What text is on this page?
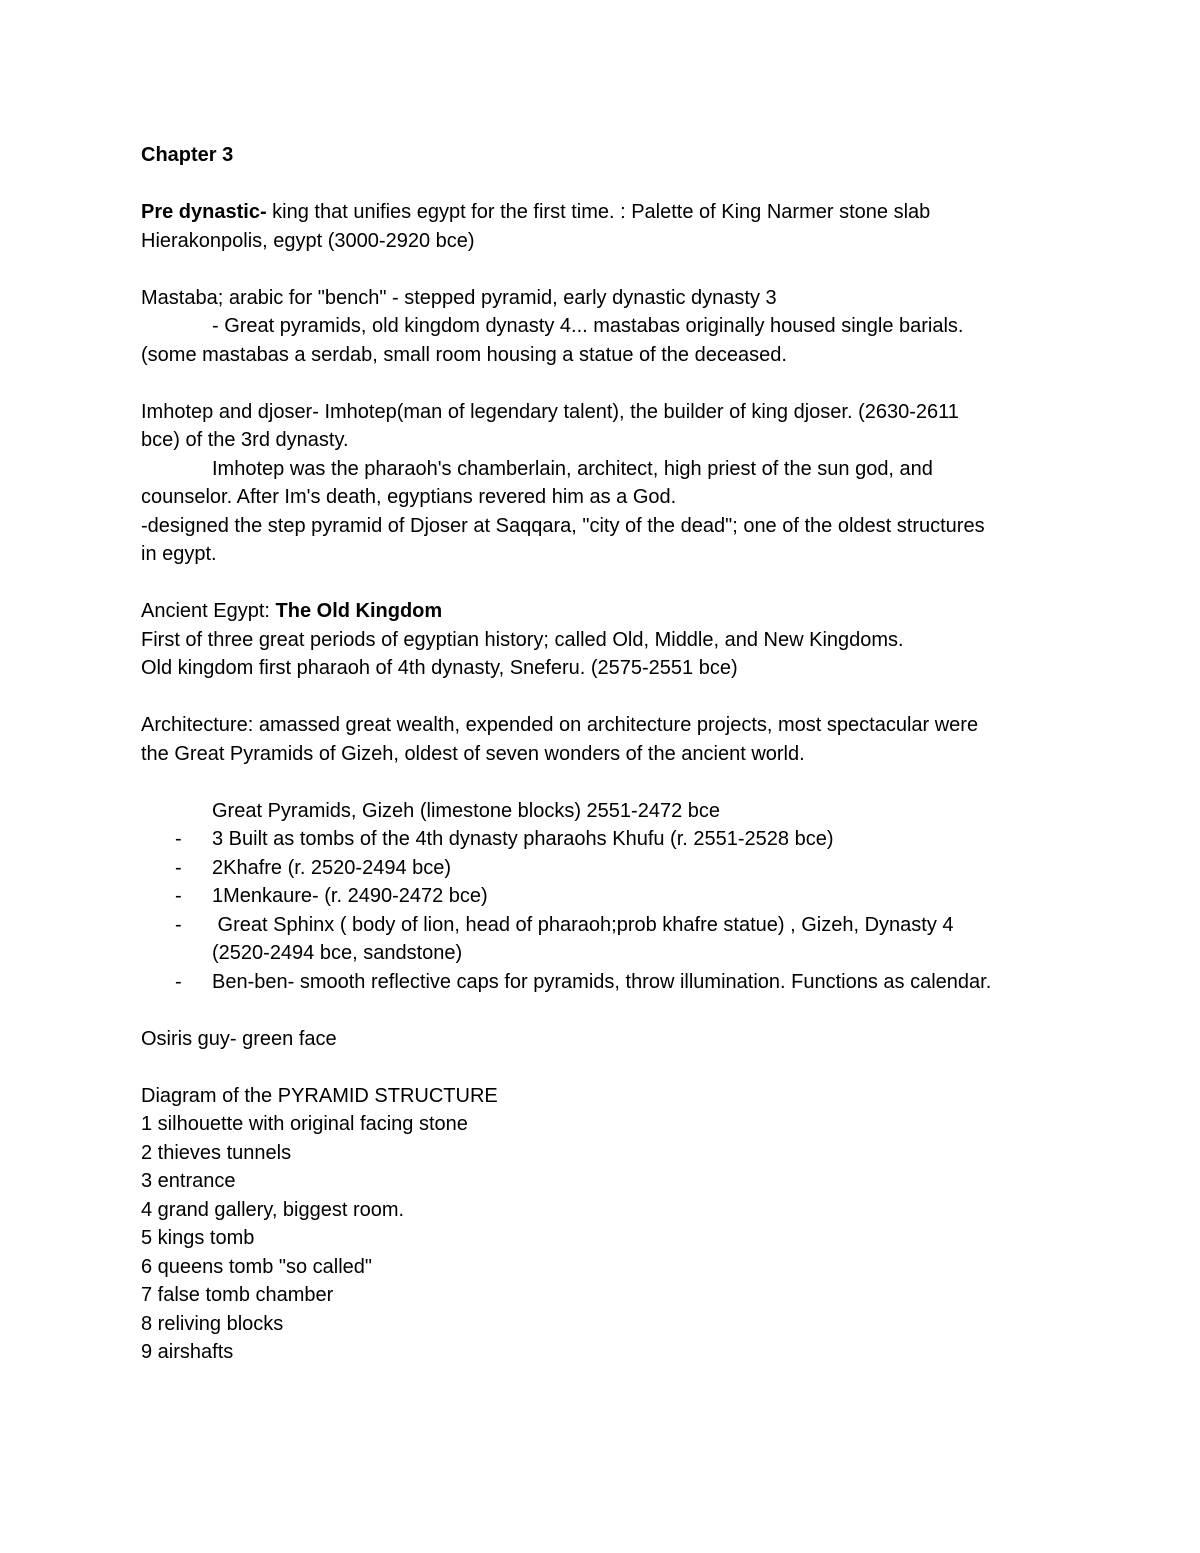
Chapter 3
Pre dynastic- king that unifies egypt for the first time. : Palette of King Narmer stone slab
Hierakonpolis, egypt (3000-2920 bce)
Mastaba; arabic for "bench" - stepped pyramid, early dynastic dynasty 3
- Great pyramids, old kingdom dynasty 4... mastabas originally housed single barials.
(some mastabas a serdab, small room housing a statue of the deceased.
Imhotep and djoser- Imhotep(man of legendary talent), the builder of king djoser. (2630-2611
bce) of the 3rd dynasty.
Imhotep was the pharaoh's chamberlain, architect, high priest of the sun god, and
counselor. After Im's death, egyptians revered him as a God.
-designed the step pyramid of Djoser at Saqqara, "city of the dead"; one of the oldest structures
in egypt.
Ancient Egypt: The Old Kingdom
First of three great periods of egyptian history; called Old, Middle, and New Kingdoms.
Old kingdom first pharaoh of 4th dynasty, Sneferu. (2575-2551 bce)
Architecture: amassed great wealth, expended on architecture projects, most spectacular were
the Great Pyramids of Gizeh, oldest of seven wonders of the ancient world.
Great Pyramids, Gizeh (limestone blocks) 2551-2472 bce
- 3 Built as tombs of the 4th dynasty pharaohs Khufu (r. 2551-2528 bce)
- 2Khafre (r. 2520-2494 bce)
- 1Menkaure- (r. 2490-2472 bce)
- Great Sphinx ( body of lion, head of pharaoh;prob khafre statue) , Gizeh, Dynasty 4
(2520-2494 bce, sandstone)
- Ben-ben- smooth reflective caps for pyramids, throw illumination. Functions as calendar.
Osiris guy- green face
Diagram of the PYRAMID STRUCTURE
1 silhouette with original facing stone
2 thieves tunnels
3 entrance
4 grand gallery, biggest room.
5 kings tomb
6 queens tomb "so called"
7 false tomb chamber
8 reliving blocks
9 airshafts
